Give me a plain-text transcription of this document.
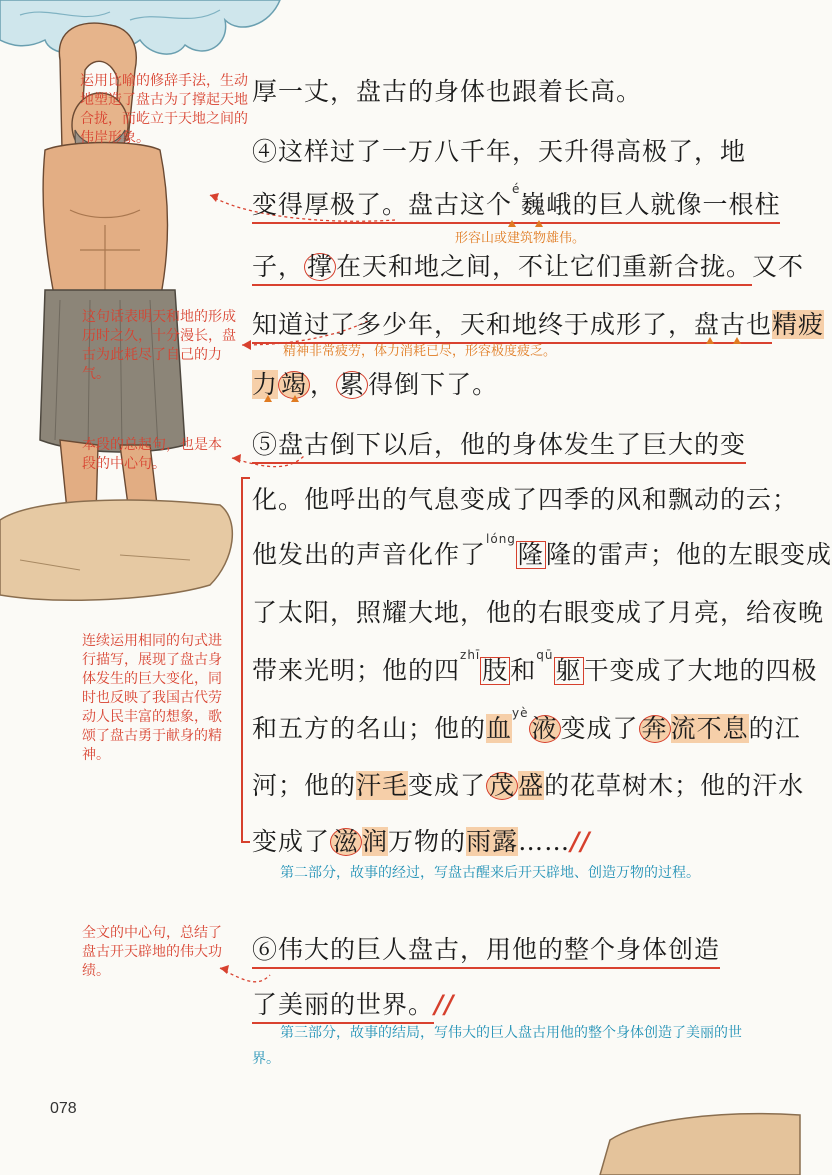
运用比喻的修辞手法，生动地塑造了盘古为了撑起天地合拢，而屹立于天地之间的伟岸形象。
这句话表明天和地的形成历时之久，十分漫长，盘古为此耗尽了自己的力气。
本段的总起句，也是本段的中心句。
连续运用相同的句式进行描写，展现了盘古身体发生的巨大变化，同时也反映了我国古代劳动人民丰富的想象，歌颂了盘古勇于献身的精神。
全文的中心句，总结了盘古开天辟地的伟大功绩。
厚一丈，盘古的身体也跟着长高。
④这样过了一万八千年，天升得高极了，地
变得厚极了。盘古这个$^é$巍峨的巨人就像一根柱
形容山或建筑物雄伟。
子， 撑 在天和地之间，不让它们重新合拢。又不
知道过了多少年，天和地终于成形了，盘古也精疲
精神非常疲劳，体力消耗已尽，形容极度疲乏。
力 竭 ， 累 得倒下了。
⑤盘古倒下以后，他的身体发生了巨大的变
化。他呼出的气息变成了四季的风和飘动的云；
他发出的声音化作了$^{lóng}$隆隆的雷声；他的左眼变成
了太阳，照耀大地，他的右眼变成了月亮，给夜晚
带来光明；他的四$^{zhī}$肢和$^{qū}$躯干变成了大地的四极
和五方的名山；他的血$^{yè}$液 变成了 奔 流不息的江
河；他的汗毛变成了 茂 盛的花草树木；他的汗水
变成了 滋 润万物的雨露……//
第二部分，故事的经过，写盘古醒来后开天辟地、创造万物的过程。
⑥伟大的巨人盘古，用他的整个身体创造
了美丽的世界。//
第三部分，故事的结局，写伟大的巨人盘古用他的整个身体创造了美丽的世界。
078
